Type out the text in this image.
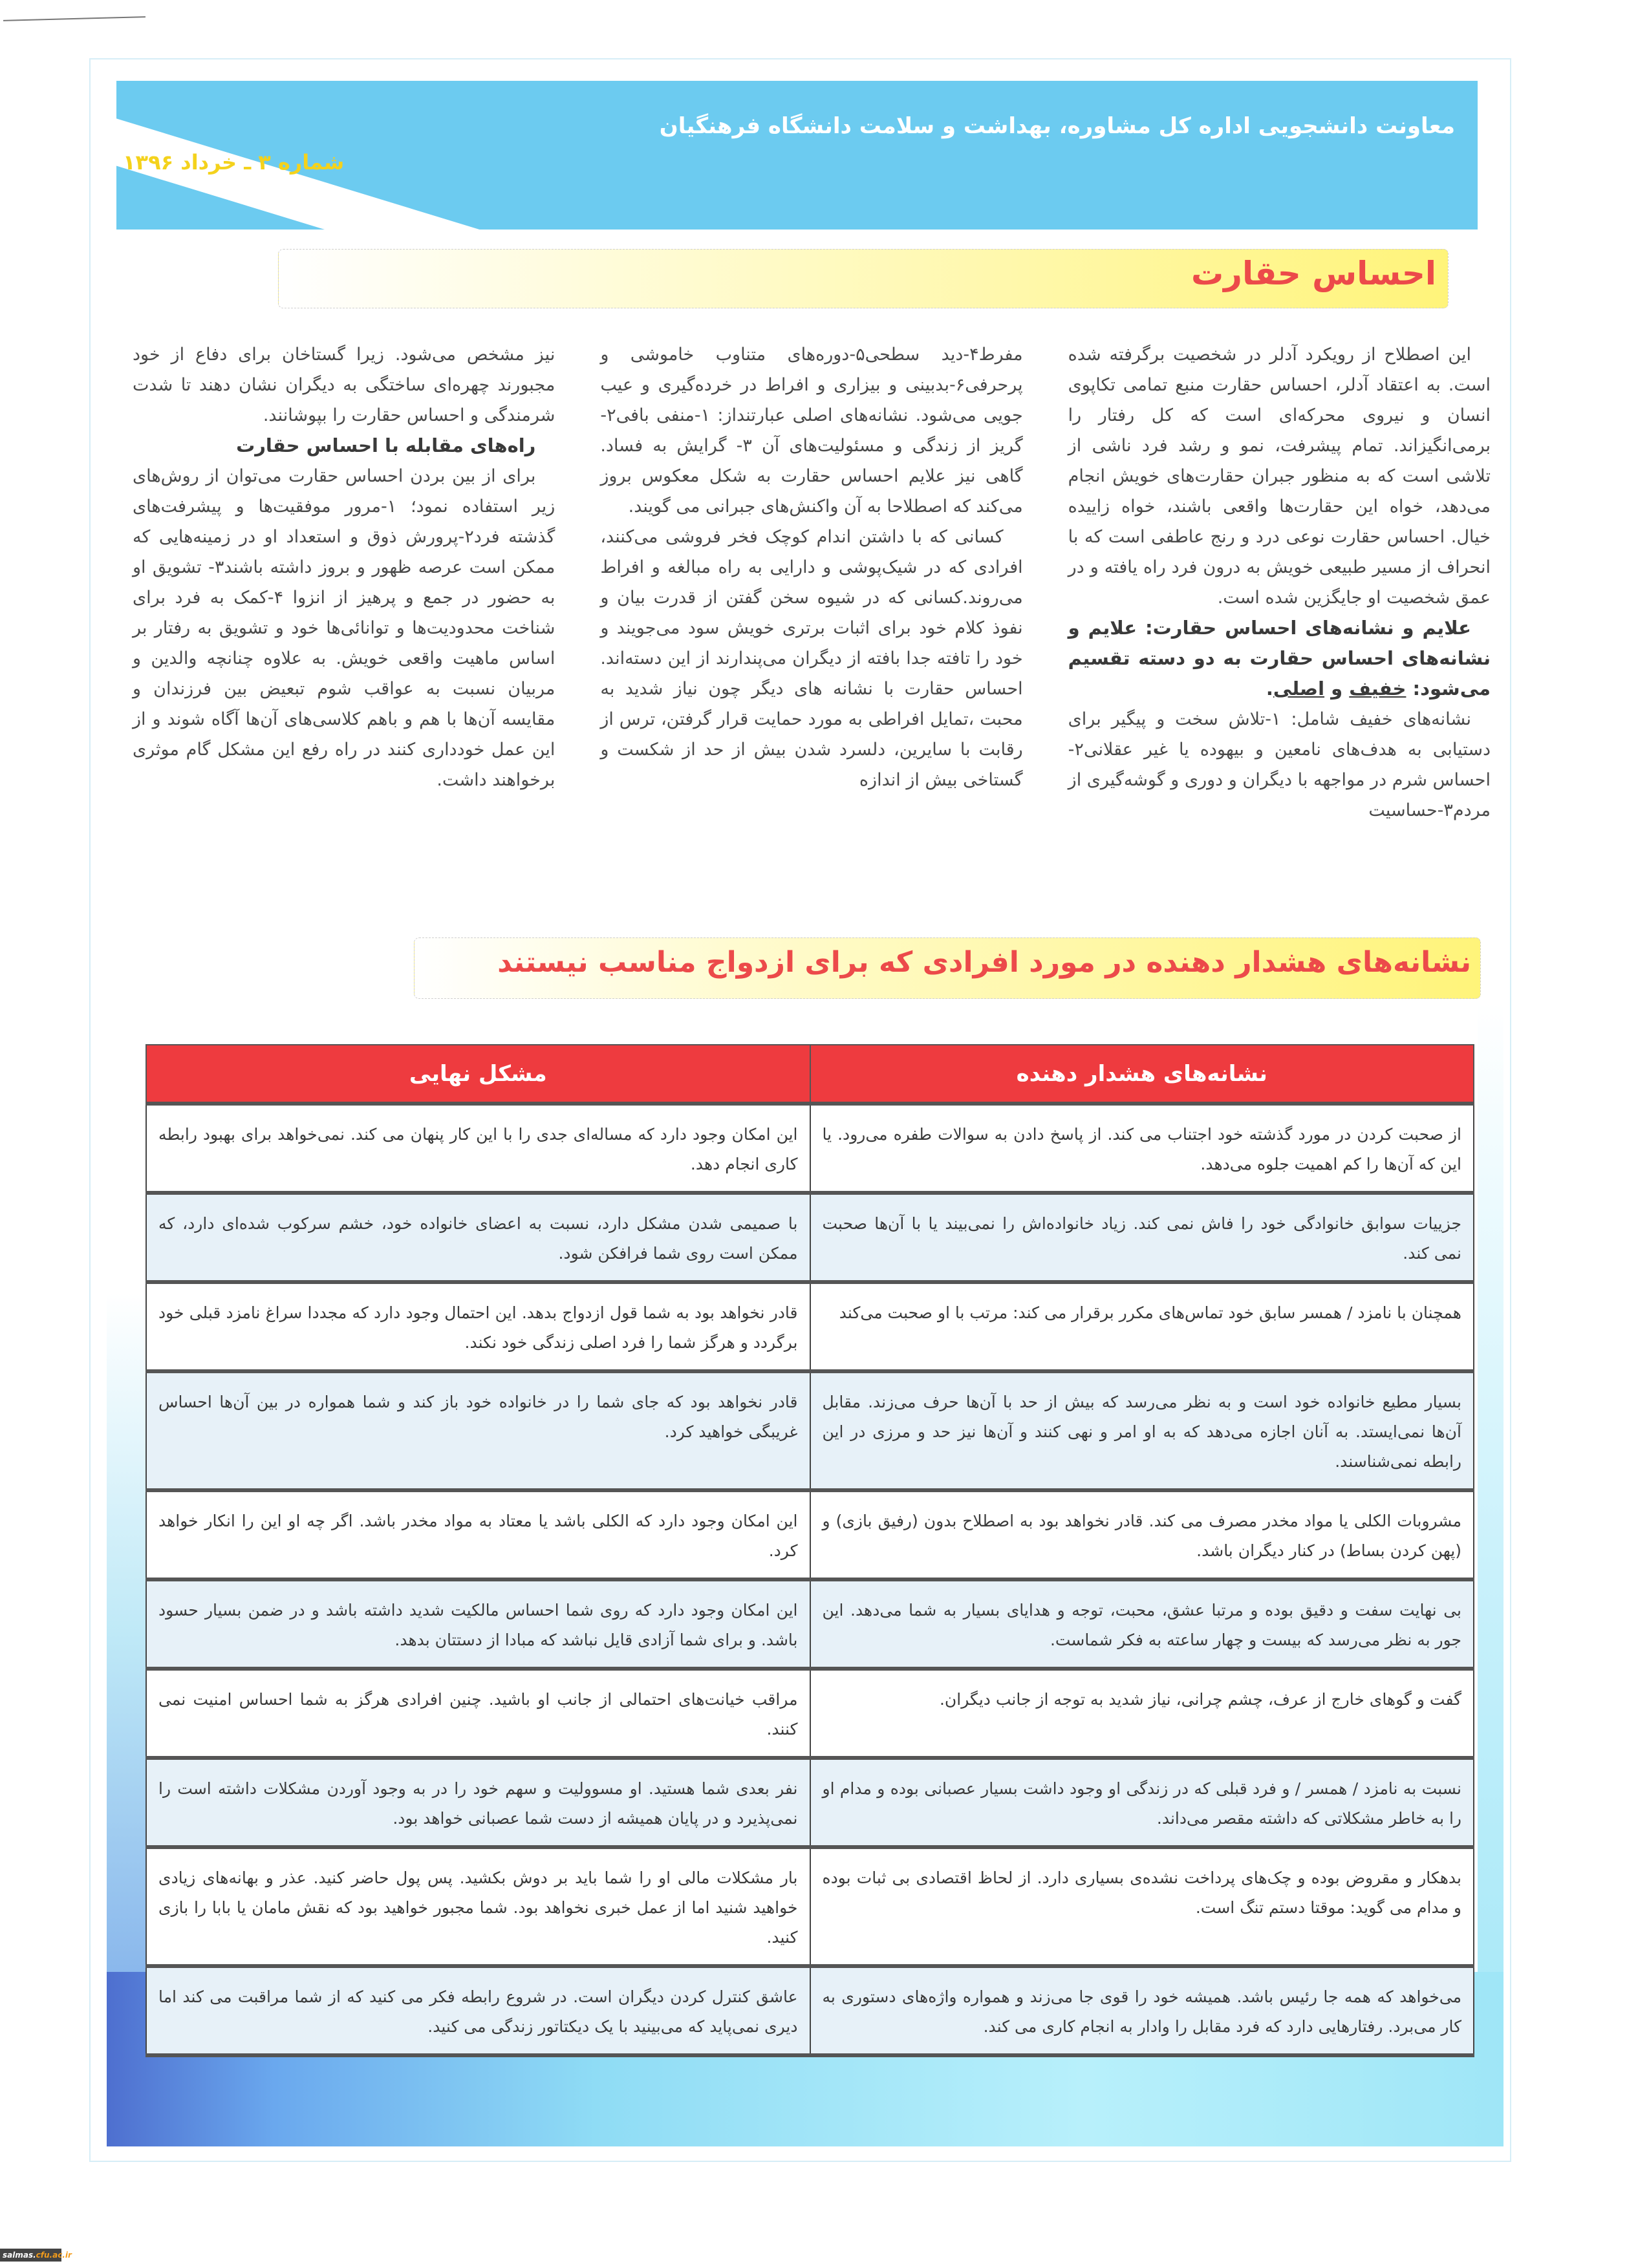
معاونت دانشجویی اداره کل مشاوره، بهداشت و سلامت دانشگاه فرهنگیان
شماره ۳ ـ خرداد ۱۳۹۶
احساس حقارت

این اصطلاح از رویکرد آدلر در شخصیت برگرفته شده است. به اعتقاد آدلر، احساس حقارت منبع تمامی تکاپوی انسان و نیروی محرکه‌ای است که کل رفتار را برمی‌انگیزاند. تمام پیشرفت، نمو و رشد فرد ناشی از تلاشی است که به منظور جبران حقارت‌های خویش انجام می‌دهد، خواه این حقارت‌ها واقعی باشند، خواه زاییده خیال. احساس حقارت نوعی درد و رنج عاطفی است که با انحراف از مسیر طبیعی خویش به درون فرد راه یافته و در عمق شخصیت او جایگزین شده است.

علایم و نشانه‌های احساس حقارت: علایم و نشانه‌های احساس حقارت به دو دسته تقسیم می‌شود: خفیف و اصلی.

نشانه‌های خفیف شامل: ۱-تلاش سخت و پیگیر برای دستیابی به هدف‌های نامعین و بیهوده یا غیر عقلانی۲-احساس شرم در مواجهه با دیگران و دوری و گوشه‌گیری از مردم۳-حساسیت

مفرط۴-دید سطحی۵-دوره‌های متناوب خاموشی و پرحرفی۶-بدبینی و بیزاری و افراط در خرده‌گیری و عیب جویی می‌شود. نشانه‌های اصلی عبارتنداز: ۱-منفی بافی۲-گریز از زندگی و مسئولیت‌های آن ۳- گرایش به فساد. گاهی نیز علایم احساس حقارت به شکل معکوس بروز می‌کند که اصطلاحا به آن واکنش‌های جبرانی می گویند.

کسانی که با داشتن اندام کوچک فخر فروشی می‌کنند، افرادی که در شیک‌پوشی و دارایی به راه مبالغه و افراط می‌روند.کسانی که در شیوه سخن گفتن از قدرت بیان و نفوذ کلام خود برای اثبات برتری خویش سود می‌جویند و خود را تافته جدا بافته از دیگران می‌پندارند از این دسته‌اند. احساس حقارت با نشانه های دیگر چون نیاز شدید به محبت ،تمایل افراطی به مورد حمایت قرار گرفتن، ترس از رقابت با سایرین، دلسرد شدن بیش از حد از شکست و گستاخی بیش از اندازه

نیز مشخص می‌شود. زیرا گستاخان برای دفاع از خود مجبورند چهره‌ای ساختگی به دیگران نشان دهند تا شدت شرمندگی و احساس حقارت را بپوشانند.

راه‌های مقابله با احساس حقارت

برای از بین بردن احساس حقارت می‌توان از روش‌های زیر استفاده نمود؛ ۱-مرور موفقیت‌ها و پیشرفت‌های گذشته فرد۲-پرورش ذوق و استعداد او در زمینه‌هایی که ممکن است عرصه ظهور و بروز داشته باشند۳- تشویق او به حضور در جمع و پرهیز از انزوا ۴-کمک به فرد برای شناخت محدودیت‌ها و توانائی‌ها خود و تشویق به رفتار بر اساس ماهیت واقعی خویش. به علاوه چنانچه والدین و مربیان نسبت به عواقب شوم تبعیض بین فرزندان و مقایسه آن‌ها با هم و باهم کلاسی‌های آن‌ها آگاه شوند و از این عمل خودداری کنند در راه رفع این مشکل گام موثری برخواهند داشت.

نشانه‌های هشدار دهنده در مورد افرادی که برای ازدواج مناسب نیستند
نشانه‌های هشدار دهنده	مشکل نهایی
از صحبت کردن در مورد گذشته خود اجتناب می کند. از پاسخ دادن به سوالات طفره می‌رود. یا این که آن‌ها را کم اهمیت جلوه می‌دهد.	این امکان وجود دارد که مساله‌ای جدی را با این کار پنهان می کند. نمی‌خواهد برای بهبود رابطه کاری انجام دهد.
جزییات سوابق خانوادگی خود را فاش نمی کند. زیاد خانواده‌اش را نمی‌بیند یا با آن‌ها صحبت نمی کند.	با صمیمی شدن مشکل دارد، نسبت به اعضای خانواده خود، خشم سرکوب شده‌ای دارد، که ممکن است روی شما فرافکن شود.
همچنان با نامزد / همسر سابق خود تماس‌های مکرر برقرار می کند: مرتب با او صحبت می‌کند	قادر نخواهد بود به شما قول ازدواج بدهد. این احتمال وجود دارد که مجددا سراغ نامزد قبلی خود برگردد و هرگز شما را فرد اصلی زندگی خود نکند.
بسیار مطیع خانواده خود است و به نظر می‌رسد که بیش از حد با آن‌ها حرف می‌زند. مقابل آن‌ها نمی‌ایستد. به آنان اجازه می‌دهد که به او امر و نهی کنند و آن‌ها نیز حد و مرزی در این رابطه نمی‌شناسند.	قادر نخواهد بود که جای شما را در خانواده خود باز کند و شما همواره در بین آن‌ها احساس غریبگی خواهید کرد.
مشروبات الکلی یا مواد مخدر مصرف می کند. قادر نخواهد بود به اصطلاح بدون (رفیق بازی) و (پهن کردن بساط) در کنار دیگران باشد.	این امکان وجود دارد که الکلی باشد یا معتاد به مواد مخدر باشد. اگر چه او این را انکار خواهد کرد.
بی نهایت سفت و دقیق بوده و مرتبا عشق، محبت، توجه و هدایای بسیار به شما می‌دهد. این جور به نظر می‌رسد که بیست و چهار ساعته به فکر شماست.	این امکان وجود دارد که روی شما احساس مالکیت شدید داشته باشد و در ضمن بسیار حسود باشد. و برای شما آزادی قایل نباشد که مبادا از دستتان بدهد.
گفت و گوهای خارج از عرف، چشم چرانی، نیاز شدید به توجه از جانب دیگران.	مراقب خیانت‌های احتمالی از جانب او باشید. چنین افرادی هرگز به شما احساس امنیت نمی کنند.
نسبت به نامزد / همسر / و فرد قبلی که در زندگی او وجود داشت بسیار عصبانی بوده و مدام او را به خاطر مشکلاتی که داشته مقصر می‌داند.	نفر بعدی شما هستید. او مسوولیت و سهم خود را در به وجود آوردن مشکلات داشته است را نمی‌پذیرد و در پایان همیشه از دست شما عصبانی خواهد بود.
بدهکار و مقروض بوده و چک‌های پرداخت نشده‌ی بسیاری دارد. از لحاظ اقتصادی بی ثبات بوده و مدام می گوید: موقتا دستم تنگ است.	بار مشکلات مالی او را شما باید بر دوش بکشید. پس پول حاضر کنید. عذر و بهانه‌های زیادی خواهید شنید اما از عمل خبری نخواهد بود. شما مجبور خواهید بود که نقش مامان یا بابا را بازی کنید.
می‌خواهد که همه جا رئیس باشد. همیشه خود را قوی جا می‌زند و همواره واژه‌های دستوری به کار می‌برد. رفتارهایی دارد که فرد مقابل را وادار به انجام کاری می کند.	عاشق کنترل کردن دیگران است. در شروع رابطه فکر می کنید که از شما مراقبت می کند اما دیری نمی‌پاید که می‌بینید با یک دیکتاتور زندگی می کنید.
salmas.cfu.ac.ir
